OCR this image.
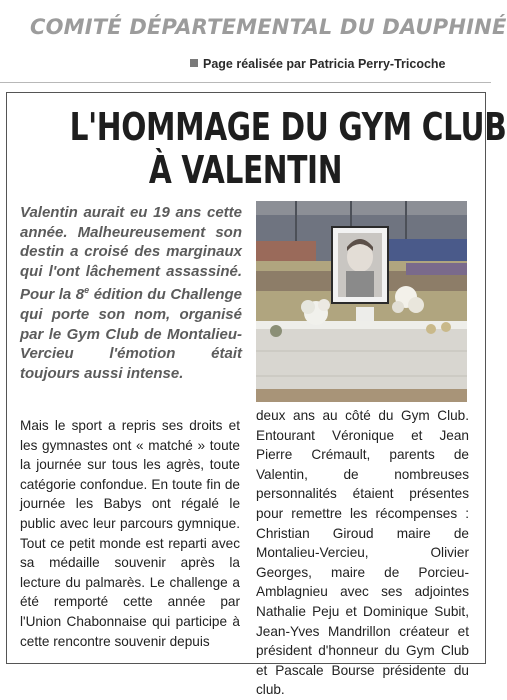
COMITÉ DÉPARTEMENTAL DU DAUPHINÉ
Page réalisée par Patricia Perry-Tricoche
L'HOMMAGE DU GYM CLUB
À VALENTIN

Valentin aurait eu 19 ans cette année. Malheureusement son destin a croisé des marginaux qui l'ont lâchement assassiné. Pour la 8e édition du Challenge qui porte son nom, organisé par le Gym Club de Montalieu-Vercieu l'émotion était toujours aussi intense.

Mais le sport a repris ses droits et les gymnastes ont « matché » toute la journée sur tous les agrès, toute catégorie confondue. En toute fin de journée les Babys ont régalé le public avec leur parcours gymnique. Tout ce petit monde est reparti avec sa médaille souvenir après la lecture du palmarès. Le challenge a été remporté cette année par l'Union Chabonnaise qui participe à cette rencontre souvenir depuis

deux ans au côté du Gym Club. Entourant Véronique et Jean Pierre Crémault, parents de Valentin, de nombreuses personnalités étaient présentes pour remettre les récompenses : Christian Giroud maire de Montalieu-Vercieu, Olivier Georges, maire de Porcieu-Amblagnieu avec ses adjointes Nathalie Peju et Dominique Subit, Jean-Yves Mandrillon créateur et président d'honneur du Gym Club et Pascale Bourse présidente du club.
